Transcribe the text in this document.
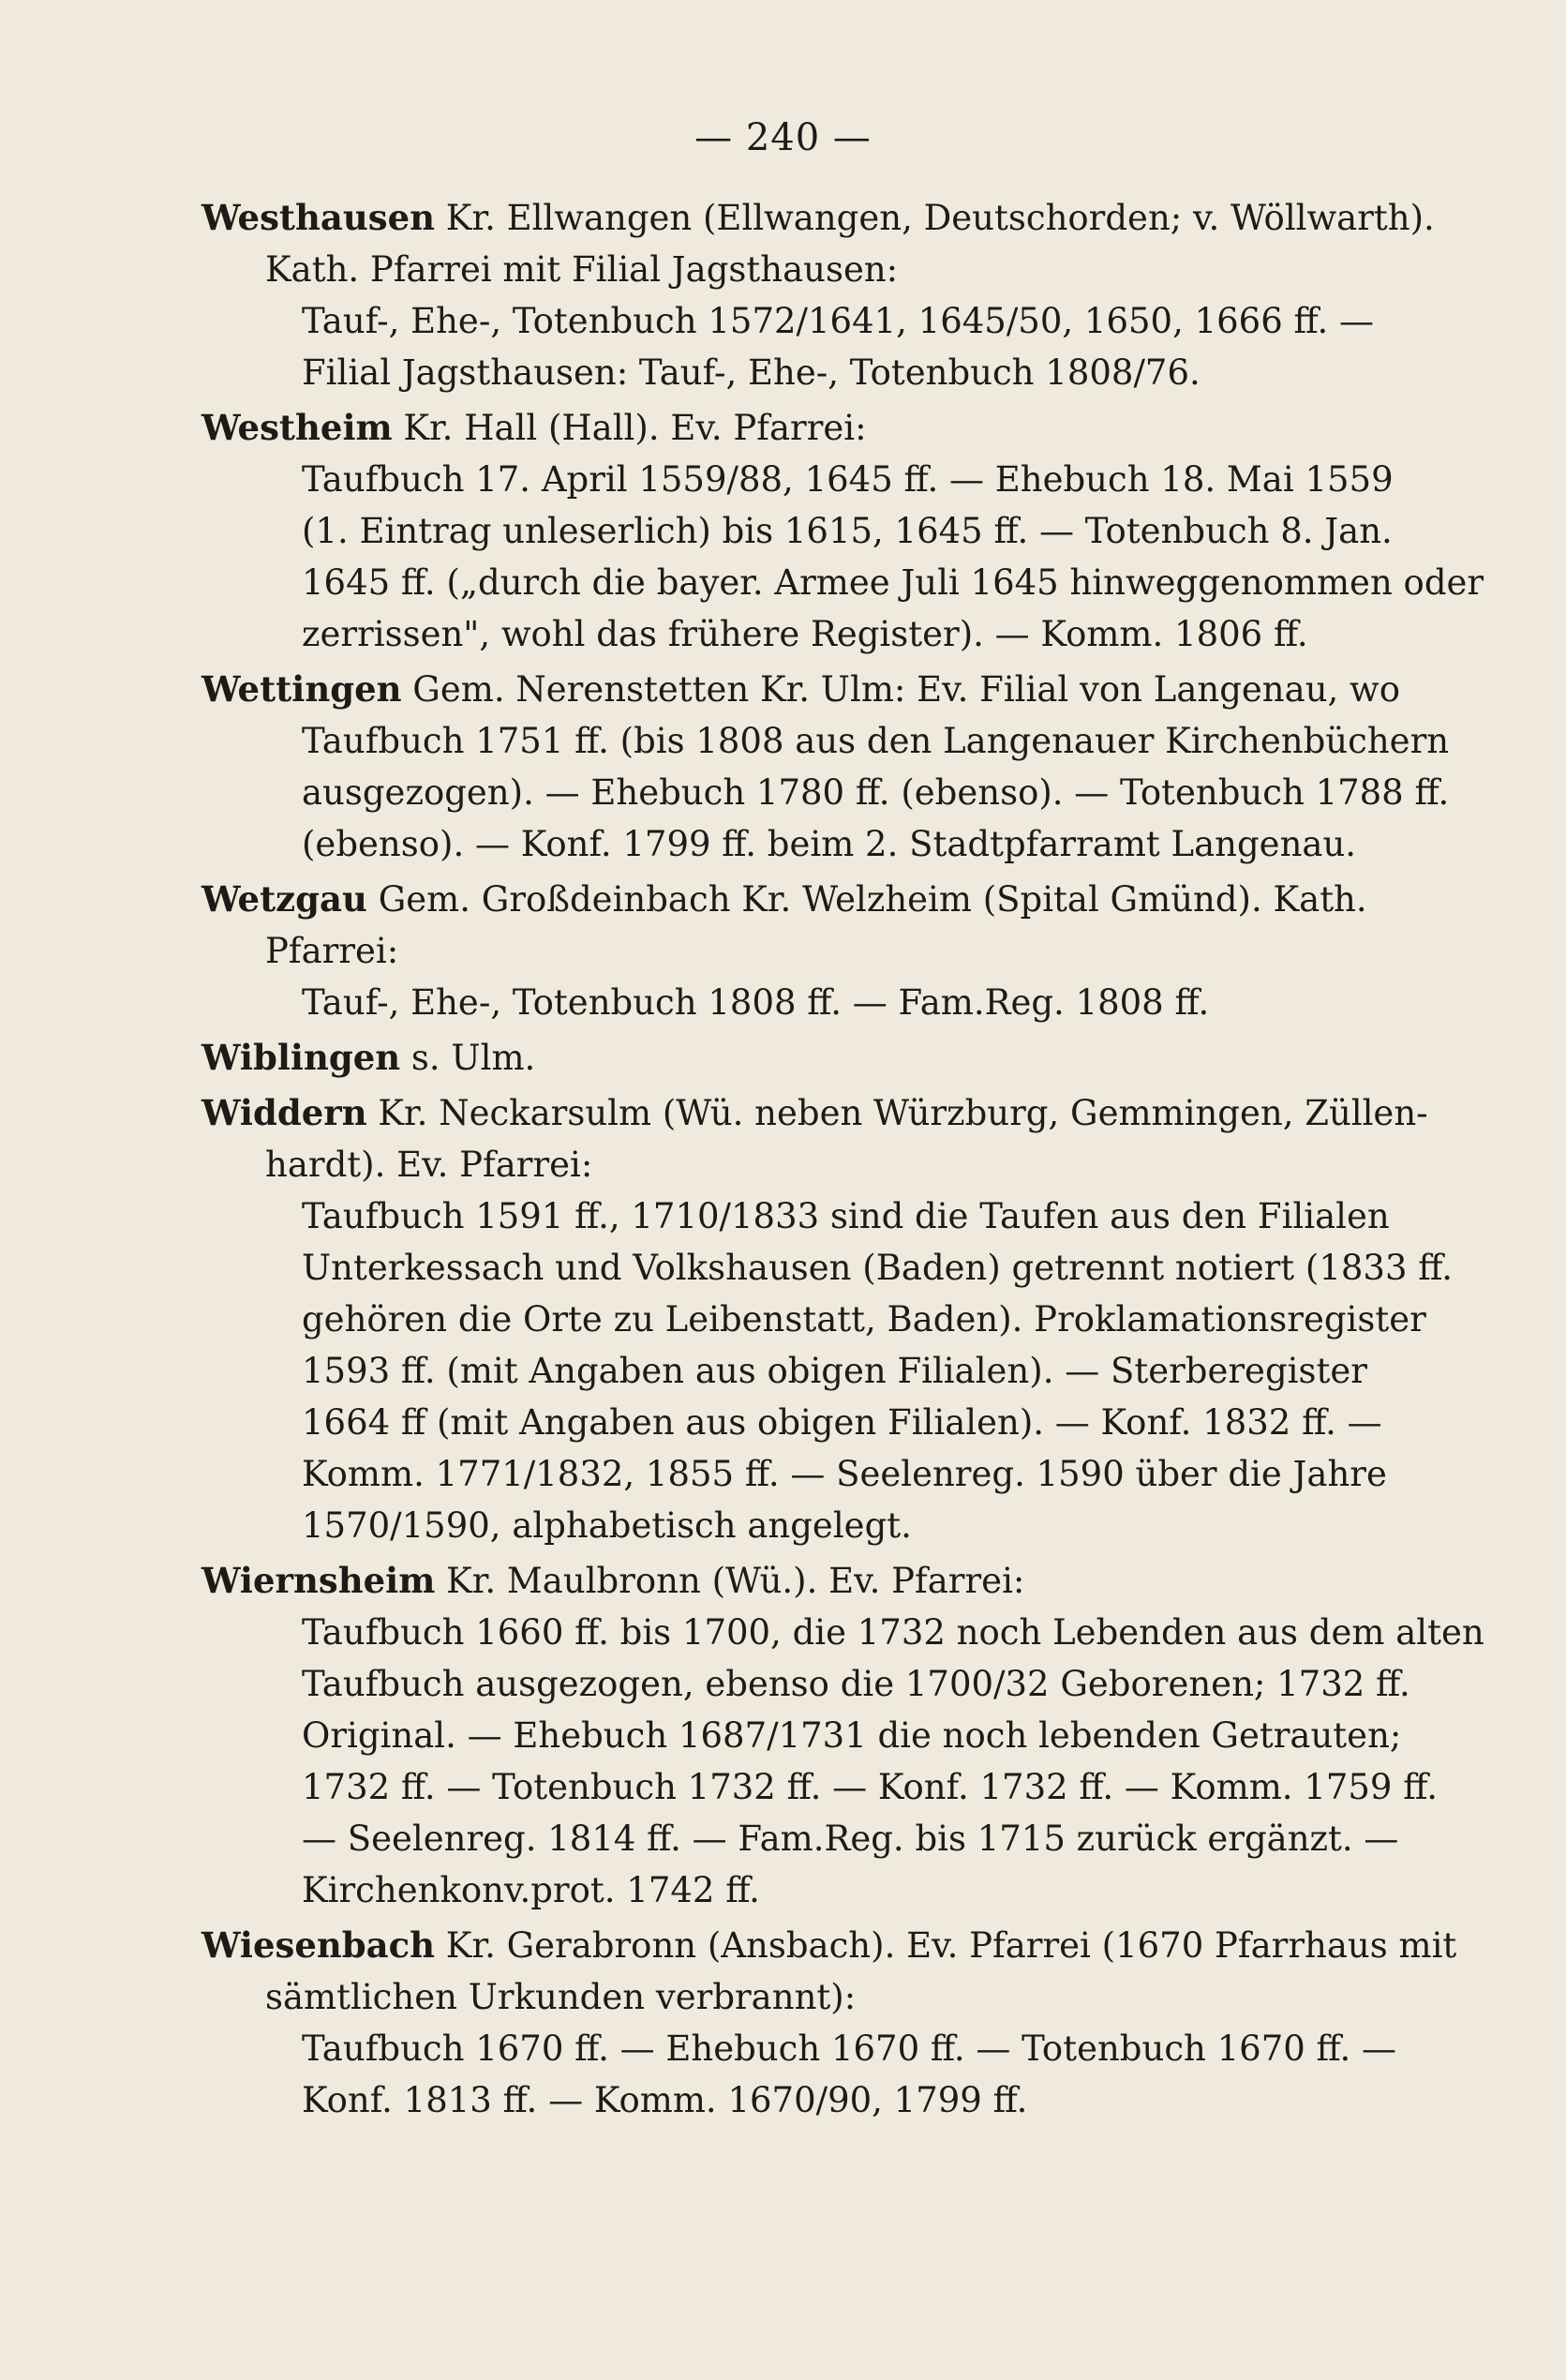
— 240 —
Westhausen Kr. Ellwangen (Ellwangen, Deutschorden; v. Wöllwarth).
Kath. Pfarrei mit Filial Jagsthausen:
Tauf-, Ehe-, Totenbuch 1572/1641, 1645/50, 1650, 1666 ff. —
Filial Jagsthausen: Tauf-, Ehe-, Totenbuch 1808/76.
Westheim Kr. Hall (Hall). Ev. Pfarrei:
Taufbuch 17. April 1559/88, 1645 ff. — Ehebuch 18. Mai 1559
(1. Eintrag unleserlich) bis 1615, 1645 ff. — Totenbuch 8. Jan.
1645 ff. („durch die bayer. Armee Juli 1645 hinweggenommen oder
zerrissen", wohl das frühere Register). — Komm. 1806 ff.
Wettingen Gem. Nerenstetten Kr. Ulm: Ev. Filial von Langenau, wo
Taufbuch 1751 ff. (bis 1808 aus den Langenauer Kirchenbüchern
ausgezogen). — Ehebuch 1780 ff. (ebenso). — Totenbuch 1788 ff.
(ebenso). — Konf. 1799 ff. beim 2. Stadtpfarramt Langenau.
Wetzgau Gem. Großdeinbach Kr. Welzheim (Spital Gmünd). Kath.
Pfarrei:
Tauf-, Ehe-, Totenbuch 1808 ff. — Fam.Reg. 1808 ff.
Wiblingen s. Ulm.
Widdern Kr. Neckarsulm (Wü. neben Würzburg, Gemmingen, Züllen-
hardt). Ev. Pfarrei:
Taufbuch 1591 ff., 1710/1833 sind die Taufen aus den Filialen
Unterkessach und Volkshausen (Baden) getrennt notiert (1833 ff.
gehören die Orte zu Leibenstatt, Baden). Proklamationsregister
1593 ff. (mit Angaben aus obigen Filialen). — Sterberegister
1664 ff (mit Angaben aus obigen Filialen). — Konf. 1832 ff. —
Komm. 1771/1832, 1855 ff. — Seelenreg. 1590 über die Jahre
1570/1590, alphabetisch angelegt.
Wiernsheim Kr. Maulbronn (Wü.). Ev. Pfarrei:
Taufbuch 1660 ff. bis 1700, die 1732 noch Lebenden aus dem alten
Taufbuch ausgezogen, ebenso die 1700/32 Geborenen; 1732 ff.
Original. — Ehebuch 1687/1731 die noch lebenden Getrauten;
1732 ff. — Totenbuch 1732 ff. — Konf. 1732 ff. — Komm. 1759 ff.
— Seelenreg. 1814 ff. — Fam.Reg. bis 1715 zurück ergänzt. —
Kirchenkonv.prot. 1742 ff.
Wiesenbach Kr. Gerabronn (Ansbach). Ev. Pfarrei (1670 Pfarrhaus mit
sämtlichen Urkunden verbrannt):
Taufbuch 1670 ff. — Ehebuch 1670 ff. — Totenbuch 1670 ff. —
Konf. 1813 ff. — Komm. 1670/90, 1799 ff.
